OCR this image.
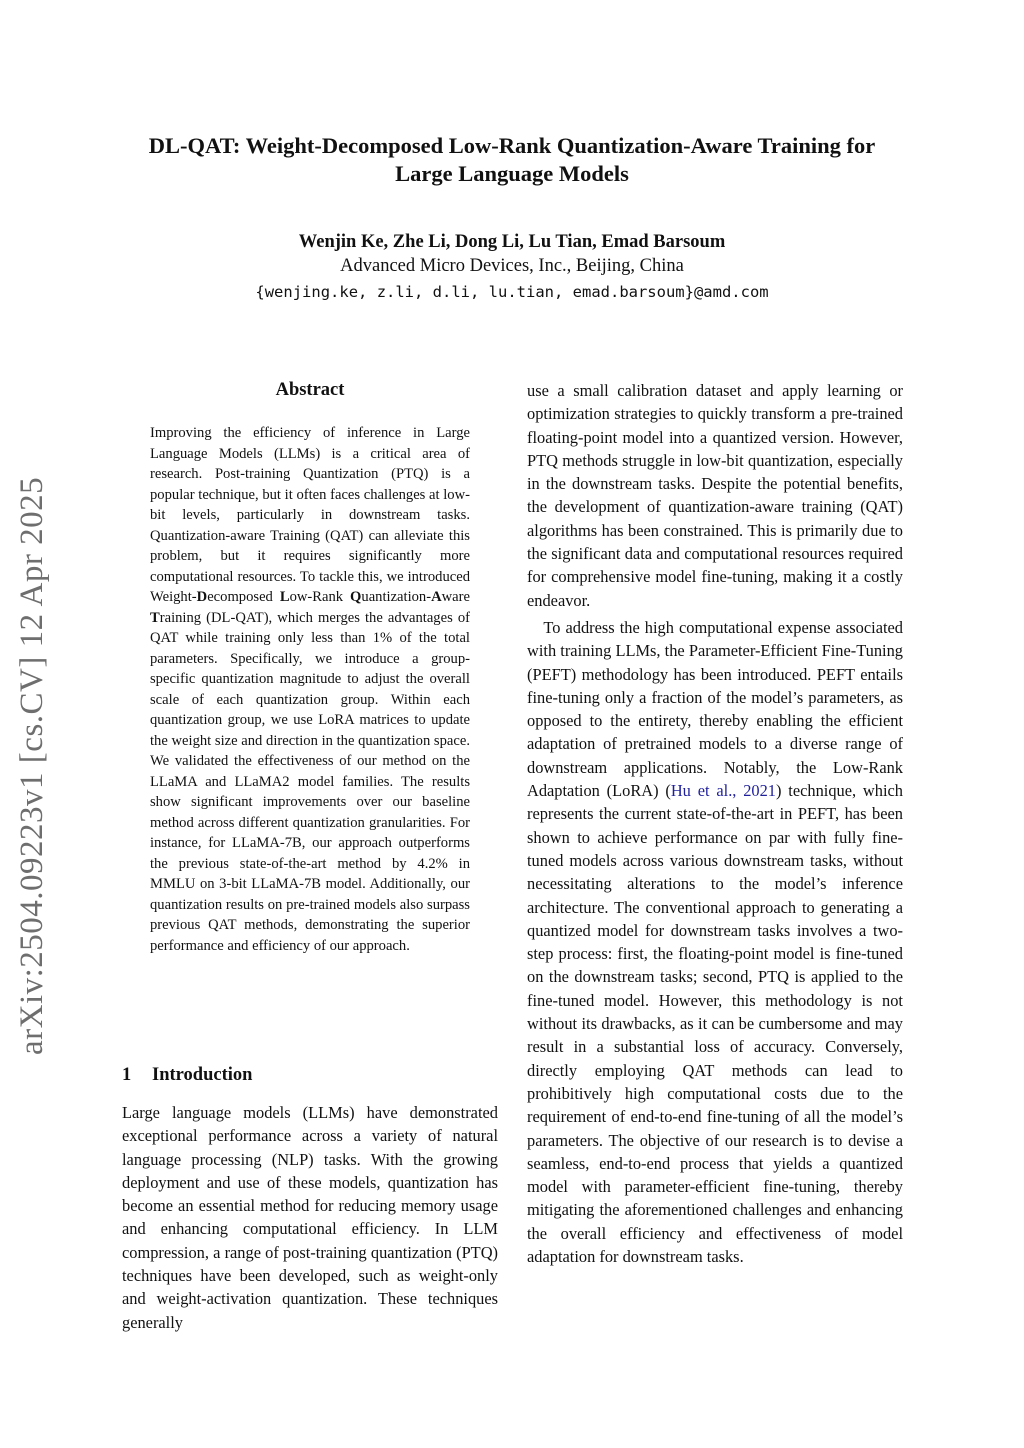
arXiv:2504.09223v1 [cs.CV] 12 Apr 2025
DL-QAT: Weight-Decomposed Low-Rank Quantization-Aware Training for
Large Language Models
Wenjin Ke, Zhe Li, Dong Li, Lu Tian, Emad Barsoum
Advanced Micro Devices, Inc., Beijing, China
{wenjing.ke, z.li, d.li, lu.tian, emad.barsoum}@amd.com
Abstract
Improving the efficiency of inference in Large Language Models (LLMs) is a critical area of research. Post-training Quantization (PTQ) is a popular technique, but it often faces challenges at low-bit levels, particularly in downstream tasks. Quantization-aware Training (QAT) can alleviate this problem, but it requires significantly more computational resources. To tackle this, we introduced Weight-Decomposed Low-Rank Quantization-Aware Training (DL-QAT), which merges the advantages of QAT while training only less than 1% of the total parameters. Specifically, we introduce a group-specific quantization magnitude to adjust the overall scale of each quantization group. Within each quantization group, we use LoRA matrices to update the weight size and direction in the quantization space. We validated the effectiveness of our method on the LLaMA and LLaMA2 model families. The results show significant improvements over our baseline method across different quantization granularities. For instance, for LLaMA-7B, our approach outperforms the previous state-of-the-art method by 4.2% in MMLU on 3-bit LLaMA-7B model. Additionally, our quantization results on pre-trained models also surpass previous QAT methods, demonstrating the superior performance and efficiency of our approach.
1 Introduction

Large language models (LLMs) have demonstrated exceptional performance across a variety of natural language processing (NLP) tasks. With the growing deployment and use of these models, quantization has become an essential method for reducing memory usage and enhancing computational efficiency. In LLM compression, a range of post-training quantization (PTQ) techniques have been developed, such as weight-only and weight-activation quantization. These techniques generally

use a small calibration dataset and apply learning or optimization strategies to quickly transform a pre-trained floating-point model into a quantized version. However, PTQ methods struggle in low-bit quantization, especially in the downstream tasks. Despite the potential benefits, the development of quantization-aware training (QAT) algorithms has been constrained. This is primarily due to the significant data and computational resources required for comprehensive model fine-tuning, making it a costly endeavor.

To address the high computational expense associated with training LLMs, the Parameter-Efficient Fine-Tuning (PEFT) methodology has been introduced. PEFT entails fine-tuning only a fraction of the model’s parameters, as opposed to the entirety, thereby enabling the efficient adaptation of pretrained models to a diverse range of downstream applications. Notably, the Low-Rank Adaptation (LoRA) (Hu et al., 2021) technique, which represents the current state-of-the-art in PEFT, has been shown to achieve performance on par with fully fine-tuned models across various downstream tasks, without necessitating alterations to the model’s inference architecture. The conventional approach to generating a quantized model for downstream tasks involves a two-step process: first, the floating-point model is fine-tuned on the downstream tasks; second, PTQ is applied to the fine-tuned model. However, this methodology is not without its drawbacks, as it can be cumbersome and may result in a substantial loss of accuracy. Conversely, directly employing QAT methods can lead to prohibitively high computational costs due to the requirement of end-to-end fine-tuning of all the model’s parameters. The objective of our research is to devise a seamless, end-to-end process that yields a quantized model with parameter-efficient fine-tuning, thereby mitigating the aforementioned challenges and enhancing the overall efficiency and effectiveness of model adaptation for downstream tasks.
